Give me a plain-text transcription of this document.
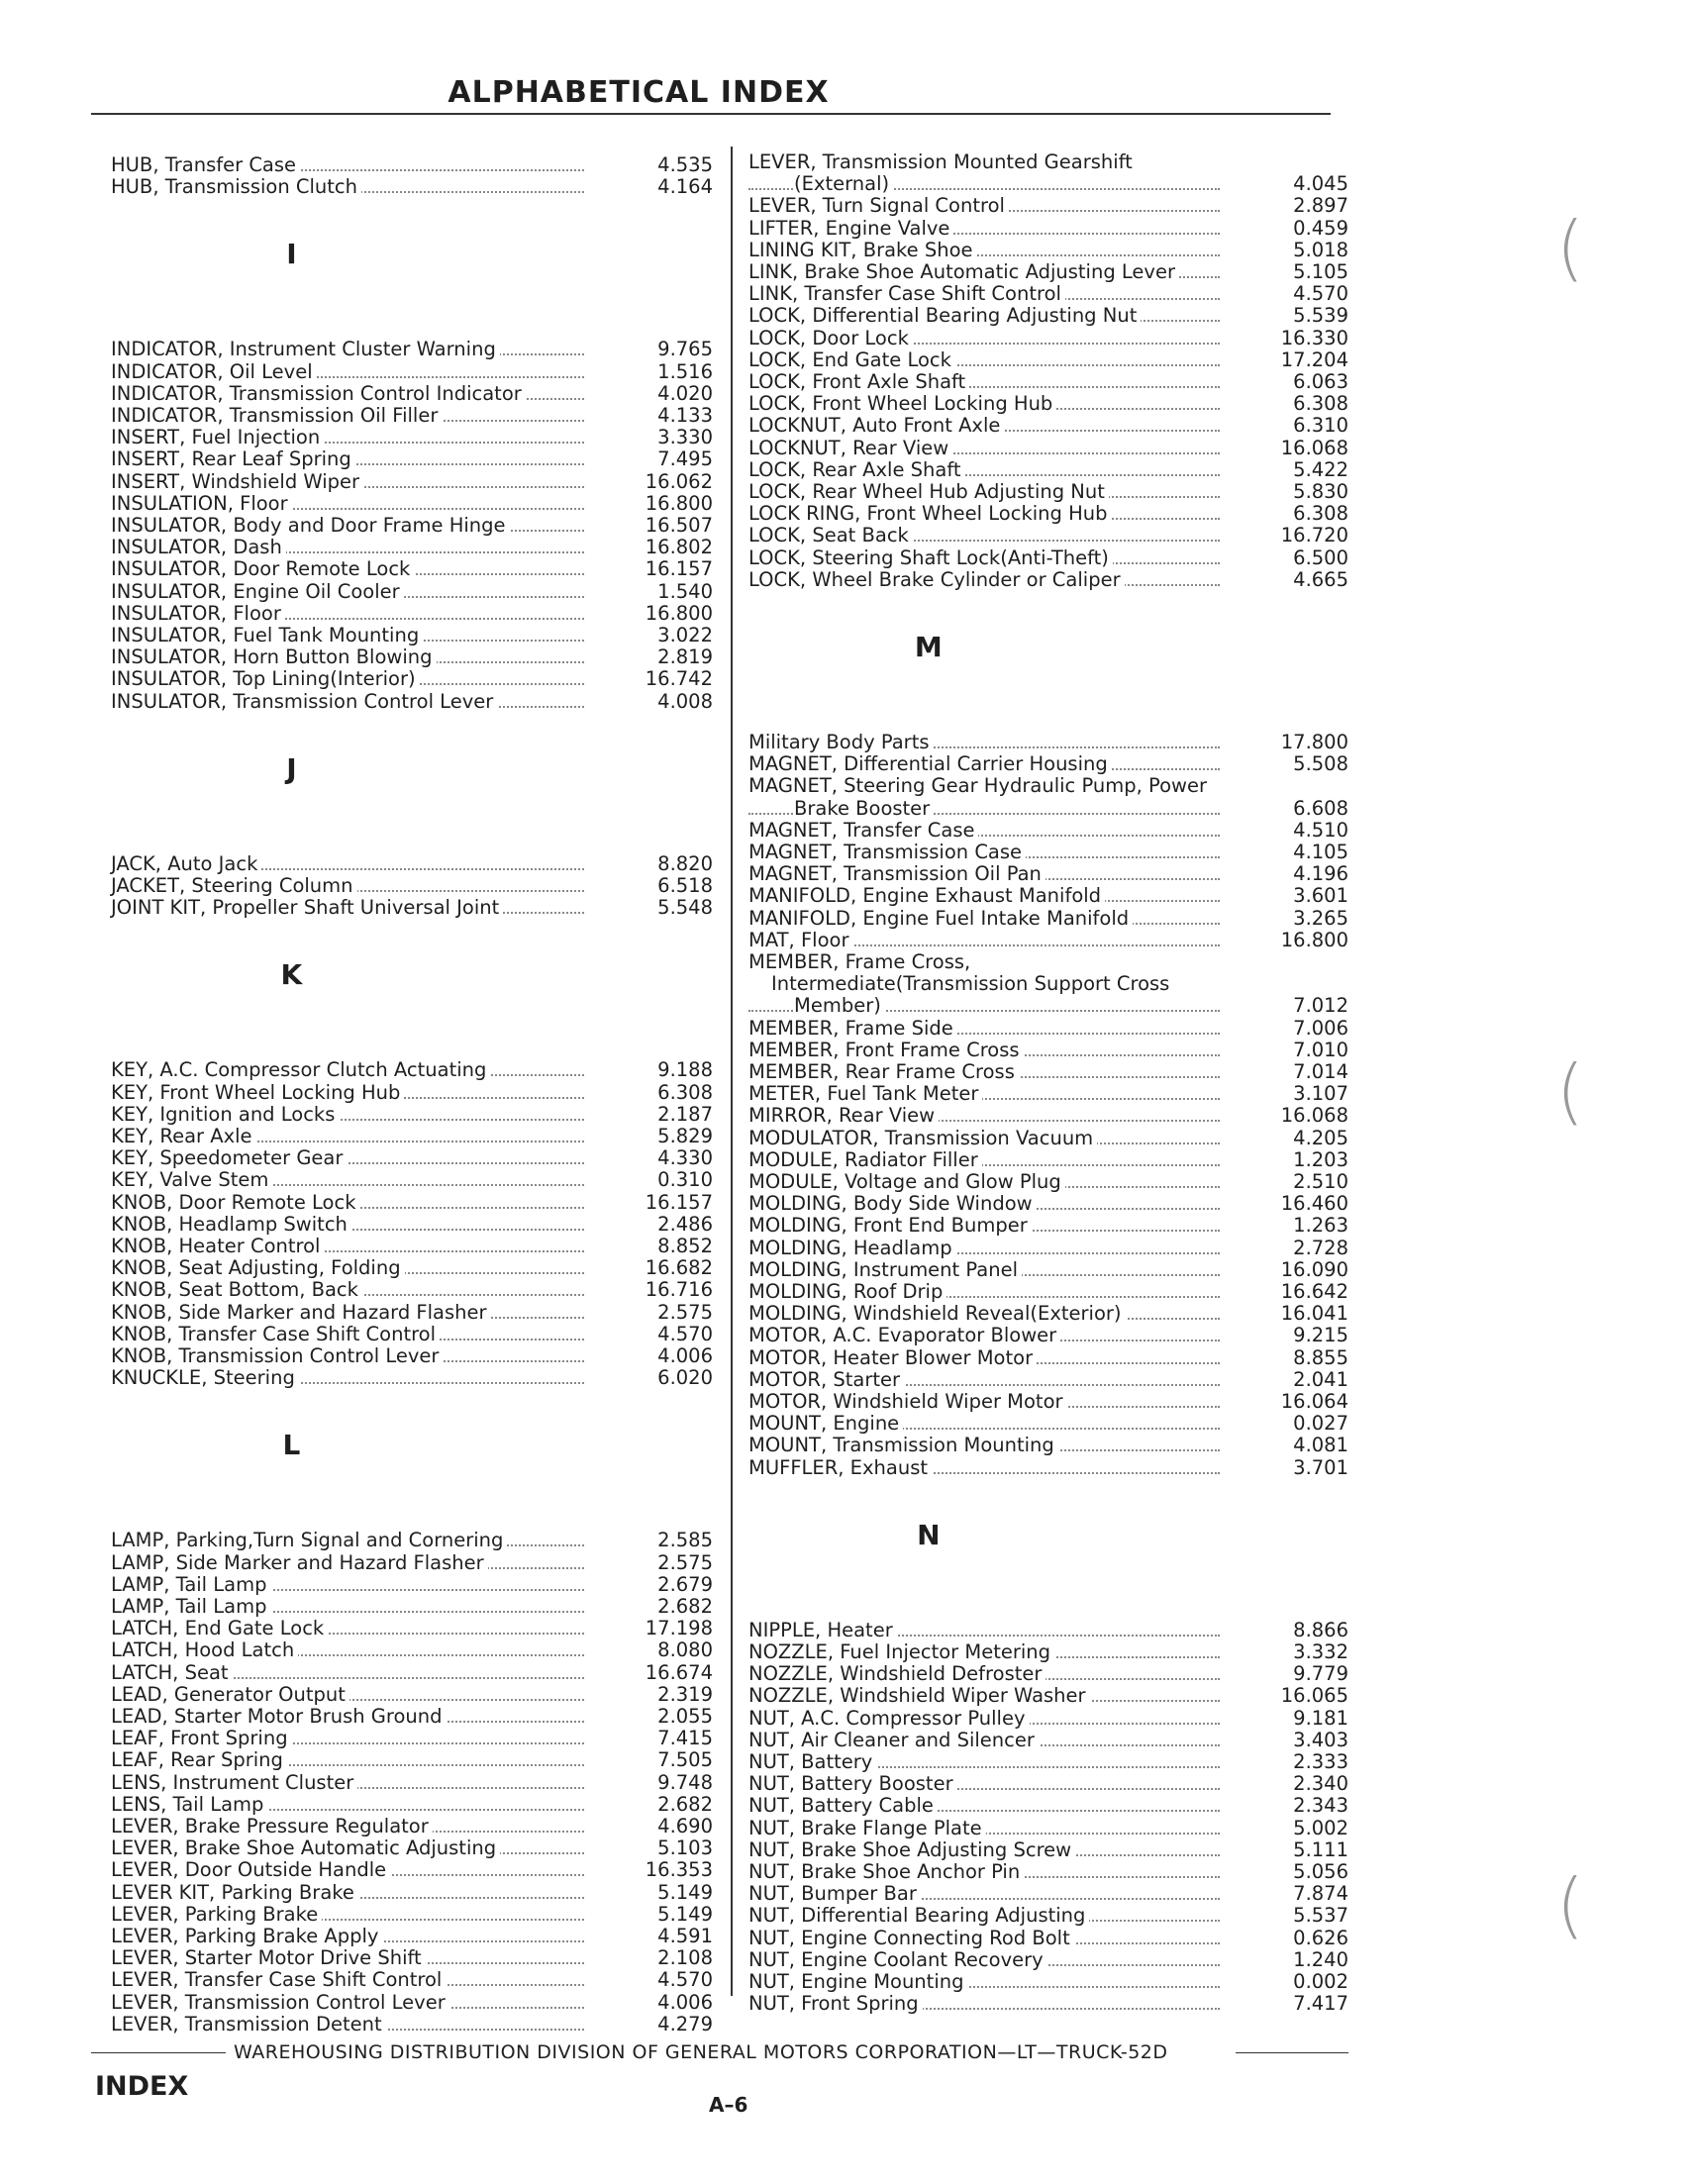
ALPHABETICAL INDEX
HUB, Transfer Case	4.535
HUB, Transmission Clutch	4.164
I
INDICATOR, Instrument Cluster Warning	9.765
INDICATOR, Oil Level	1.516
INDICATOR, Transmission Control Indicator	4.020
INDICATOR, Transmission Oil Filler	4.133
INSERT, Fuel Injection	3.330
INSERT, Rear Leaf Spring	7.495
INSERT, Windshield Wiper	16.062
INSULATION, Floor	16.800
INSULATOR, Body and Door Frame Hinge	16.507
INSULATOR, Dash	16.802
INSULATOR, Door Remote Lock	16.157
INSULATOR, Engine Oil Cooler	1.540
INSULATOR, Floor	16.800
INSULATOR, Fuel Tank Mounting	3.022
INSULATOR, Horn Button Blowing	2.819
INSULATOR, Top Lining(Interior)	16.742
INSULATOR, Transmission Control Lever	4.008
J
JACK, Auto Jack	8.820
JACKET, Steering Column	6.518
JOINT KIT, Propeller Shaft Universal Joint	5.548
K
KEY, A.C. Compressor Clutch Actuating	9.188
KEY, Front Wheel Locking Hub	6.308
KEY, Ignition and Locks	2.187
KEY, Rear Axle	5.829
KEY, Speedometer Gear	4.330
KEY, Valve Stem	0.310
KNOB, Door Remote Lock	16.157
KNOB, Headlamp Switch	2.486
KNOB, Heater Control	8.852
KNOB, Seat Adjusting, Folding	16.682
KNOB, Seat Bottom, Back	16.716
KNOB, Side Marker and Hazard Flasher	2.575
KNOB, Transfer Case Shift Control	4.570
KNOB, Transmission Control Lever	4.006
KNUCKLE, Steering	6.020
L
LAMP, Parking,Turn Signal and Cornering	2.585
LAMP, Side Marker and Hazard Flasher	2.575
LAMP, Tail Lamp	2.679
LAMP, Tail Lamp	2.682
LATCH, End Gate Lock	17.198
LATCH, Hood Latch	8.080
LATCH, Seat	16.674
LEAD, Generator Output	2.319
LEAD, Starter Motor Brush Ground	2.055
LEAF, Front Spring	7.415
LEAF, Rear Spring	7.505
LENS, Instrument Cluster	9.748
LENS, Tail Lamp	2.682
LEVER, Brake Pressure Regulator	4.690
LEVER, Brake Shoe Automatic Adjusting	5.103
LEVER, Door Outside Handle	16.353
LEVER KIT, Parking Brake	5.149
LEVER, Parking Brake	5.149
LEVER, Parking Brake Apply	4.591
LEVER, Starter Motor Drive Shift	2.108
LEVER, Transfer Case Shift Control	4.570
LEVER, Transmission Control Lever	4.006
LEVER, Transmission Detent	4.279
LEVER, Transmission Mounted Gearshift
(External)	4.045
LEVER, Turn Signal Control	2.897
LIFTER, Engine Valve	0.459
LINING KIT, Brake Shoe	5.018
LINK, Brake Shoe Automatic Adjusting Lever	5.105
LINK, Transfer Case Shift Control	4.570
LOCK, Differential Bearing Adjusting Nut	5.539
LOCK, Door Lock	16.330
LOCK, End Gate Lock	17.204
LOCK, Front Axle Shaft	6.063
LOCK, Front Wheel Locking Hub	6.308
LOCKNUT, Auto Front Axle	6.310
LOCKNUT, Rear View	16.068
LOCK, Rear Axle Shaft	5.422
LOCK, Rear Wheel Hub Adjusting Nut	5.830
LOCK RING, Front Wheel Locking Hub	6.308
LOCK, Seat Back	16.720
LOCK, Steering Shaft Lock(Anti-Theft)	6.500
LOCK, Wheel Brake Cylinder or Caliper	4.665
M
Military Body Parts	17.800
MAGNET, Differential Carrier Housing	5.508
MAGNET, Steering Gear Hydraulic Pump, Power
Brake Booster	6.608
MAGNET, Transfer Case	4.510
MAGNET, Transmission Case	4.105
MAGNET, Transmission Oil Pan	4.196
MANIFOLD, Engine Exhaust Manifold	3.601
MANIFOLD, Engine Fuel Intake Manifold	3.265
MAT, Floor	16.800
MEMBER, Frame Cross,
Intermediate(Transmission Support Cross
Member)	7.012
MEMBER, Frame Side	7.006
MEMBER, Front Frame Cross	7.010
MEMBER, Rear Frame Cross	7.014
METER, Fuel Tank Meter	3.107
MIRROR, Rear View	16.068
MODULATOR, Transmission Vacuum	4.205
MODULE, Radiator Filler	1.203
MODULE, Voltage and Glow Plug	2.510
MOLDING, Body Side Window	16.460
MOLDING, Front End Bumper	1.263
MOLDING, Headlamp	2.728
MOLDING, Instrument Panel	16.090
MOLDING, Roof Drip	16.642
MOLDING, Windshield Reveal(Exterior)	16.041
MOTOR, A.C. Evaporator Blower	9.215
MOTOR, Heater Blower Motor	8.855
MOTOR, Starter	2.041
MOTOR, Windshield Wiper Motor	16.064
MOUNT, Engine	0.027
MOUNT, Transmission Mounting	4.081
MUFFLER, Exhaust	3.701
N
NIPPLE, Heater	8.866
NOZZLE, Fuel Injector Metering	3.332
NOZZLE, Windshield Defroster	9.779
NOZZLE, Windshield Wiper Washer	16.065
NUT, A.C. Compressor Pulley	9.181
NUT, Air Cleaner and Silencer	3.403
NUT, Battery	2.333
NUT, Battery Booster	2.340
NUT, Battery Cable	2.343
NUT, Brake Flange Plate	5.002
NUT, Brake Shoe Adjusting Screw	5.111
NUT, Brake Shoe Anchor Pin	5.056
NUT, Bumper Bar	7.874
NUT, Differential Bearing Adjusting	5.537
NUT, Engine Connecting Rod Bolt	0.626
NUT, Engine Coolant Recovery	1.240
NUT, Engine Mounting	0.002
NUT, Front Spring	7.417
(
(
(
WAREHOUSING DISTRIBUTION DIVISION OF GENERAL MOTORS CORPORATION—LT—TRUCK-52D
INDEX
A–6
